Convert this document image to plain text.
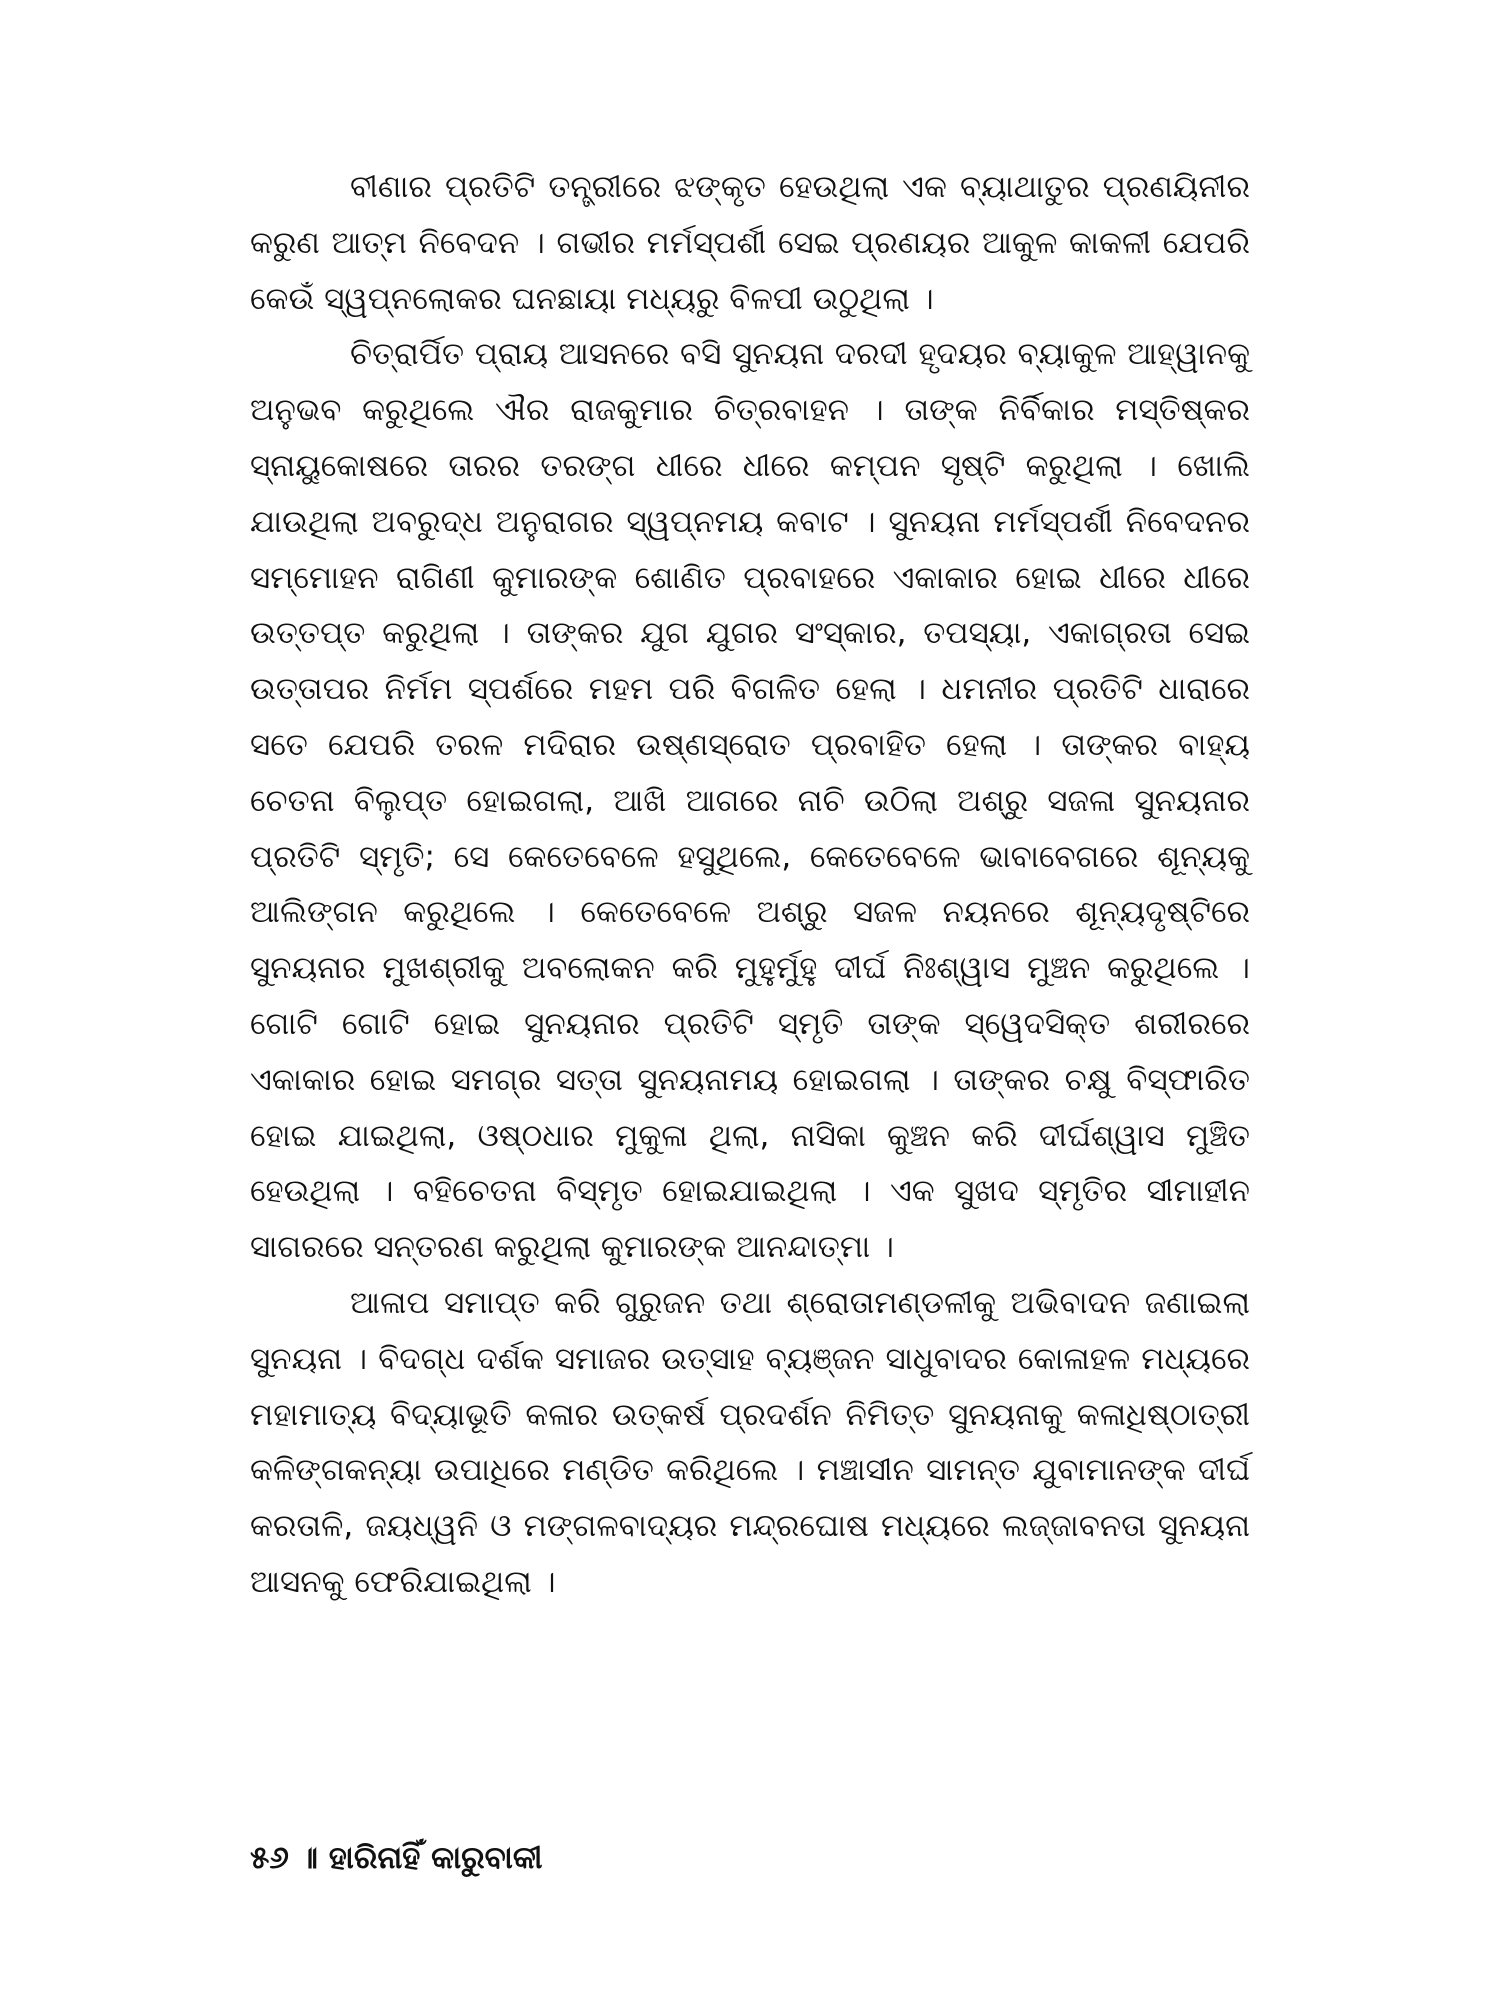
ବୀଣାର ପ୍ରତିଟି ତନ୍ତ୍ରୀରେ ଝଙ୍କୃତ ହେଉଥିଲା ଏକ ବ୍ୟାଥାତୁର ପ୍ରଣୟିନୀର କରୁଣ ଆତ୍ମ ନିବେଦନ । ଗଭୀର ମର୍ମସ୍ପର୍ଶୀ ସେଇ ପ୍ରଣୟର ଆକୁଳ କାକଳୀ ଯେପରି କେଉଁ ସ୍ୱପ୍ନଲୋକର ଘନଛାୟା ମଧ୍ୟରୁ ବିଳପୀ ଉଠୁଥିଲା ।

ଚିତ୍ରାର୍ପିତ ପ୍ରାୟ ଆସନରେ ବସି ସୁନୟନା ଦରଦୀ ହୃଦୟର ବ୍ୟାକୁଳ ଆହ୍ୱାନକୁ ଅନୁଭବ କରୁଥିଲେ ଐର ରାଜକୁମାର ଚିତ୍ରବାହନ । ତାଙ୍କ ନିର୍ବିକାର ମସ୍ତିଷ୍କର ସ୍ନାୟୁକୋଷରେ ତାରର ତରଙ୍ଗ ଧୀରେ ଧୀରେ କମ୍ପନ ସୃଷ୍ଟି କରୁଥିଲା । ଖୋଲି ଯାଉଥିଲା ଅବରୁଦ୍ଧ ଅନୁରାଗର ସ୍ୱପ୍ନମୟ କବାଟ । ସୁନୟନା ମର୍ମସ୍ପର୍ଶୀ ନିବେଦନର ସମ୍ମୋହନ ରାଗିଣୀ କୁମାରଙ୍କ ଶୋଣିତ ପ୍ରବାହରେ ଏକାକାର ହୋଇ ଧୀରେ ଧୀରେ ଉତ୍ତପ୍ତ କରୁଥିଲା । ତାଙ୍କର ଯୁଗ ଯୁଗର ସଂସ୍କାର, ତପସ୍ୟା, ଏକାଗ୍ରତା ସେଇ ଉତ୍ତାପର ନିର୍ମମ ସ୍ପର୍ଶରେ ମହମ ପରି ବିଗଳିତ ହେଲା । ଧମନୀର ପ୍ରତିଟି ଧାରାରେ ସତେ ଯେପରି ତରଳ ମଦିରାର ଉଷ୍ଣସ୍ରୋତ ପ୍ରବାହିତ ହେଲା । ତାଙ୍କର ବାହ୍ୟ ଚେତନା ବିଲୁପ୍ତ ହୋଇଗଲା, ଆଖି ଆଗରେ ନାଚି ଉଠିଲା ଅଶ୍ରୁ ସଜଳା ସୁନୟନାର ପ୍ରତିଟି ସ୍ମୃତି; ସେ କେତେବେଳେ ହସୁଥିଲେ, କେତେବେଳେ ଭାବାବେଗରେ ଶୂନ୍ୟକୁ ଆଲିଙ୍ଗନ କରୁଥିଲେ । କେତେବେଳେ ଅଶ୍ରୁ ସଜଳ ନୟନରେ ଶୂନ୍ୟଦୃଷ୍ଟିରେ ସୁନୟନାର ମୁଖଶ୍ରୀକୁ ଅବଲୋକନ କରି ମୁହୁର୍ମୁହୁ ଦୀର୍ଘ ନିଃଶ୍ୱାସ ମୁଞ୍ଚନ କରୁଥିଲେ । ଗୋଟି ଗୋଟି ହୋଇ ସୁନୟନାର ପ୍ରତିଟି ସ୍ମୃତି ତାଙ୍କ ସ୍ୱେଦସିକ୍ତ ଶରୀରରେ ଏକାକାର ହୋଇ ସମଗ୍ର ସତ୍ତା ସୁନୟନାମୟ ହୋଇଗଲା । ତାଙ୍କର ଚକ୍ଷୁ ବିସ୍ଫାରିତ ହୋଇ ଯାଇଥିଲା, ଓଷ୍ଠଧାର ମୁକୁଳା ଥିଲା, ନାସିକା କୁଞ୍ଚନ କରି ଦୀର୍ଘଶ୍ୱାସ ମୁଞ୍ଚିତ ହେଉଥିଲା । ବହିଚେତନା ବିସ୍ମୃତ ହୋଇଯାଇଥିଲା । ଏକ ସୁଖଦ ସ୍ମୃତିର ସୀମାହୀନ ସାଗରରେ ସନ୍ତରଣ କରୁଥିଲା କୁମାରଙ୍କ ଆନନ୍ଦାତ୍ମା ।

ଆଳାପ ସମାପ୍ତ କରି ଗୁରୁଜନ ତଥା ଶ୍ରୋତାମଣ୍ଡଳୀକୁ ଅଭିବାଦନ ଜଣାଇଲା ସୁନୟନା । ବିଦଗ୍ଧ ଦର୍ଶକ ସମାଜର ଉତ୍ସାହ ବ୍ୟଞ୍ଜନ ସାଧୁବାଦର କୋଳାହଳ ମଧ୍ୟରେ ମହାମାତ୍ୟ ବିଦ୍ୟାଭୂତି କଳାର ଉତ୍କର୍ଷ ପ୍ରଦର୍ଶନ ନିମିତ୍ତ ସୁନୟନାକୁ କଳାଧିଷ୍ଠାତ୍ରୀ କଳିଙ୍ଗକନ୍ୟା ଉପାଧିରେ ମଣ୍ଡିତ କରିଥିଲେ । ମଞ୍ଚାସୀନ ସାମନ୍ତ ଯୁବାମାନଙ୍କ ଦୀର୍ଘ କରତାଳି, ଜୟଧ୍ୱନି ଓ ମଙ୍ଗଳବାଦ୍ୟର ମନ୍ଦ୍ରଘୋଷ ମଧ୍ୟରେ ଲଜ୍ଜାବନତା ସୁନୟନା ଆସନକୁ ଫେରିଯାଇଥିଲା ।

୫୬ ॥ ହାରିନାହିଁ କାରୁବାକୀ
